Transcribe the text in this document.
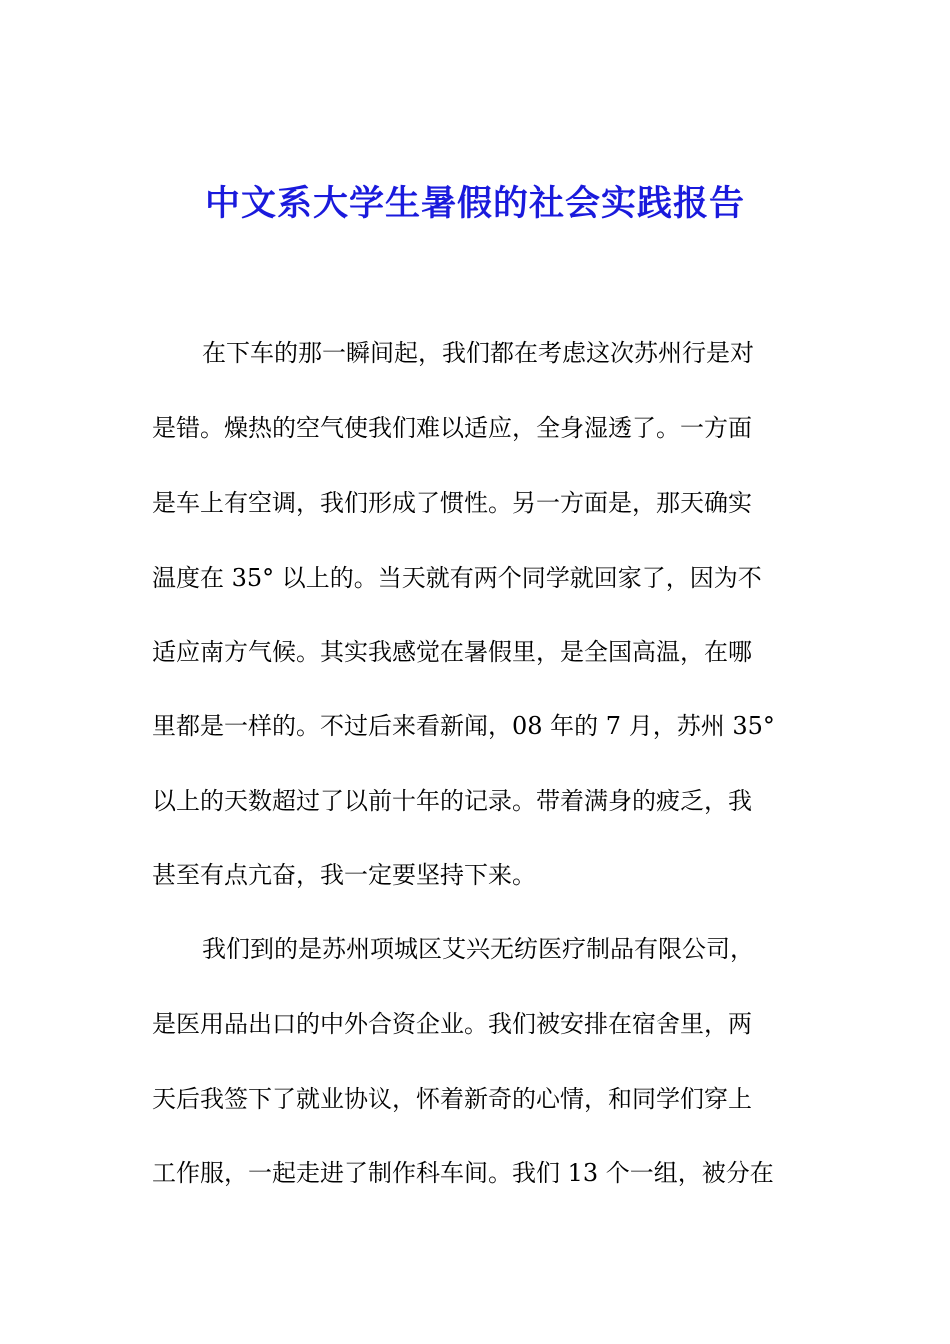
中文系大学生暑假的社会实践报告

在下车的那一瞬间起，我们都在考虑这次苏州行是对

是错。燥热的空气使我们难以适应，全身湿透了。一方面

是车上有空调，我们形成了惯性。另一方面是，那天确实

温度在 35° 以上的。当天就有两个同学就回家了，因为不

适应南方气候。其实我感觉在暑假里，是全国高温，在哪

里都是一样的。不过后来看新闻，08 年的 7 月，苏州 35°

以上的天数超过了以前十年的记录。带着满身的疲乏，我

甚至有点亢奋，我一定要坚持下来。

我们到的是苏州项城区艾兴无纺医疗制品有限公司，

是医用品出口的中外合资企业。我们被安排在宿舍里，两

天后我签下了就业协议，怀着新奇的心情，和同学们穿上

工作服，一起走进了制作科车间。我们 13 个一组，被分在
